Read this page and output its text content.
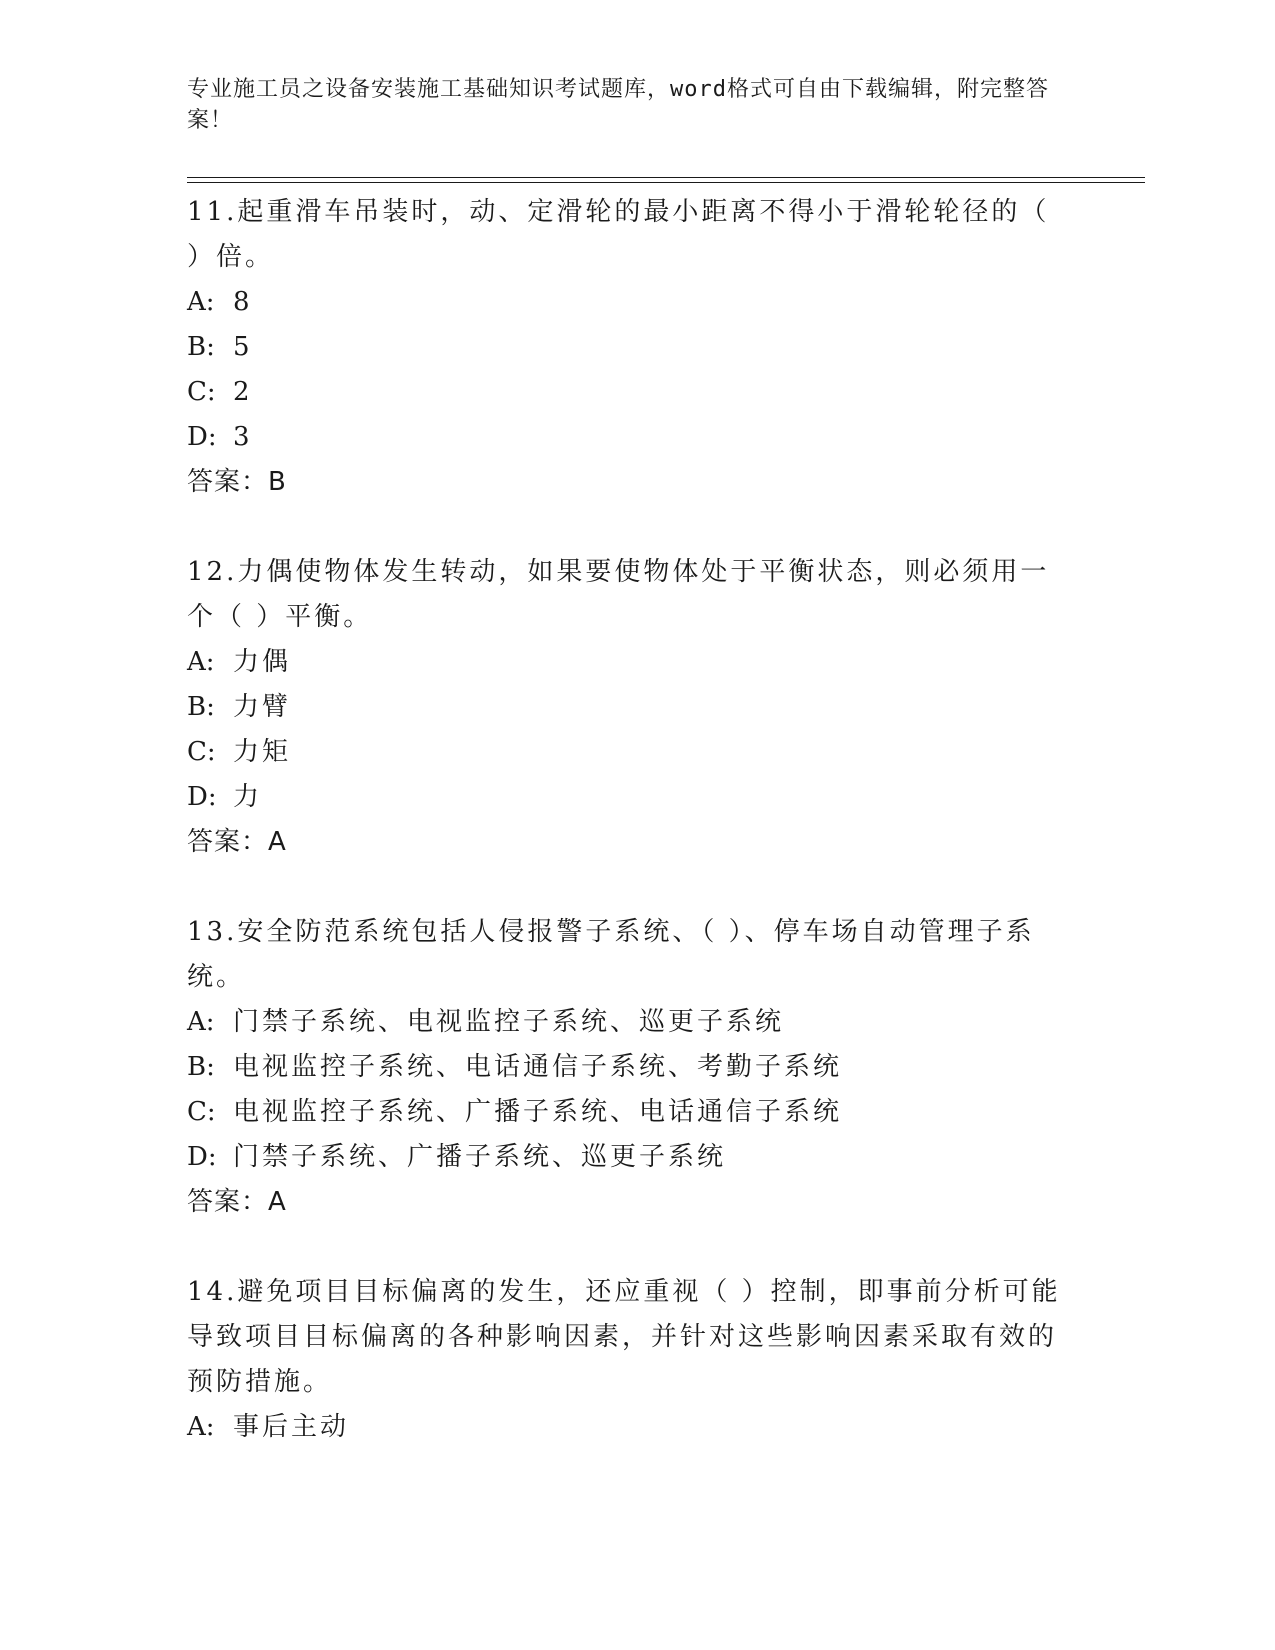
专业施工员之设备安装施工基础知识考试题库，word格式可自由下载编辑，附完整答案！

11.起重滑车吊装时，动、定滑轮的最小距离不得小于滑轮轮径的（ ）倍。

A: 8

B: 5

C: 2

D: 3

答案：B

12.力偶使物体发生转动，如果要使物体处于平衡状态，则必须用一个（ ）平衡。

A: 力偶

B: 力臂

C: 力矩

D: 力

答案：A

13.安全防范系统包括人侵报警子系统、（ ）、停车场自动管理子系统。

A: 门禁子系统、电视监控子系统、巡更子系统

B: 电视监控子系统、电话通信子系统、考勤子系统

C: 电视监控子系统、广播子系统、电话通信子系统

D: 门禁子系统、广播子系统、巡更子系统

答案：A

14.避免项目目标偏离的发生，还应重视（ ）控制，即事前分析可能导致项目目标偏离的各种影响因素，并针对这些影响因素采取有效的预防措施。

A: 事后主动
